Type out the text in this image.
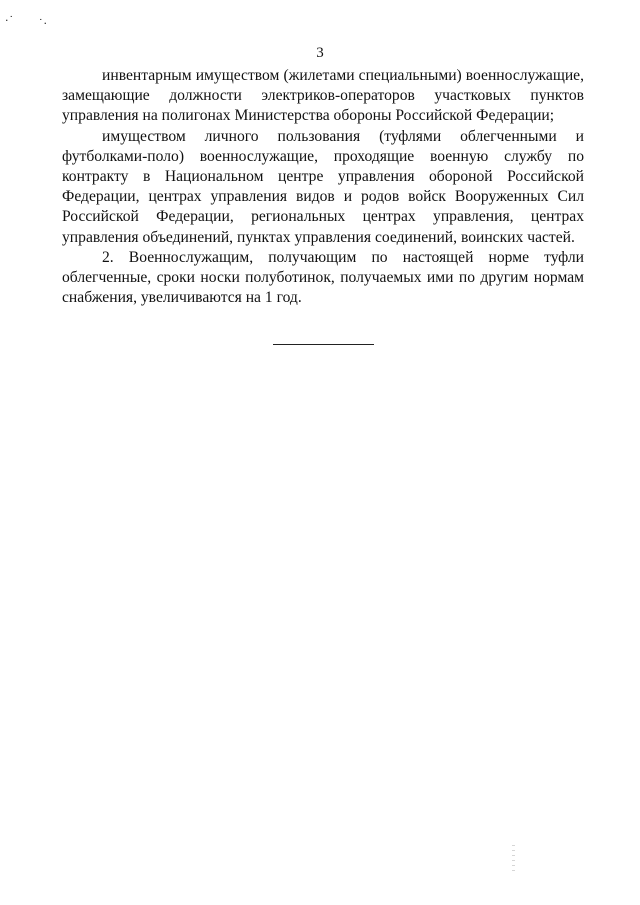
·˙ ˙·
3

инвентарным имуществом (жилетами специальными) военнослужащие, замещающие должности электриков-операторов участковых пунктов управления на полигонах Министерства обороны Российской Федерации;

имуществом личного пользования (туфлями облегченными и футболками-поло) военнослужащие, проходящие военную службу по контракту в Национальном центре управления обороной Российской Федерации, центрах управления видов и родов войск Вооруженных Сил Российской Федерации, региональных центрах управления, центрах управления объединений, пунктах управления соединений, воинских частей.

2. Военнослужащим, получающим по настоящей норме туфли облегченные, сроки носки полуботинок, получаемых ими по другим нормам снабжения, увеличиваются на 1 год.
